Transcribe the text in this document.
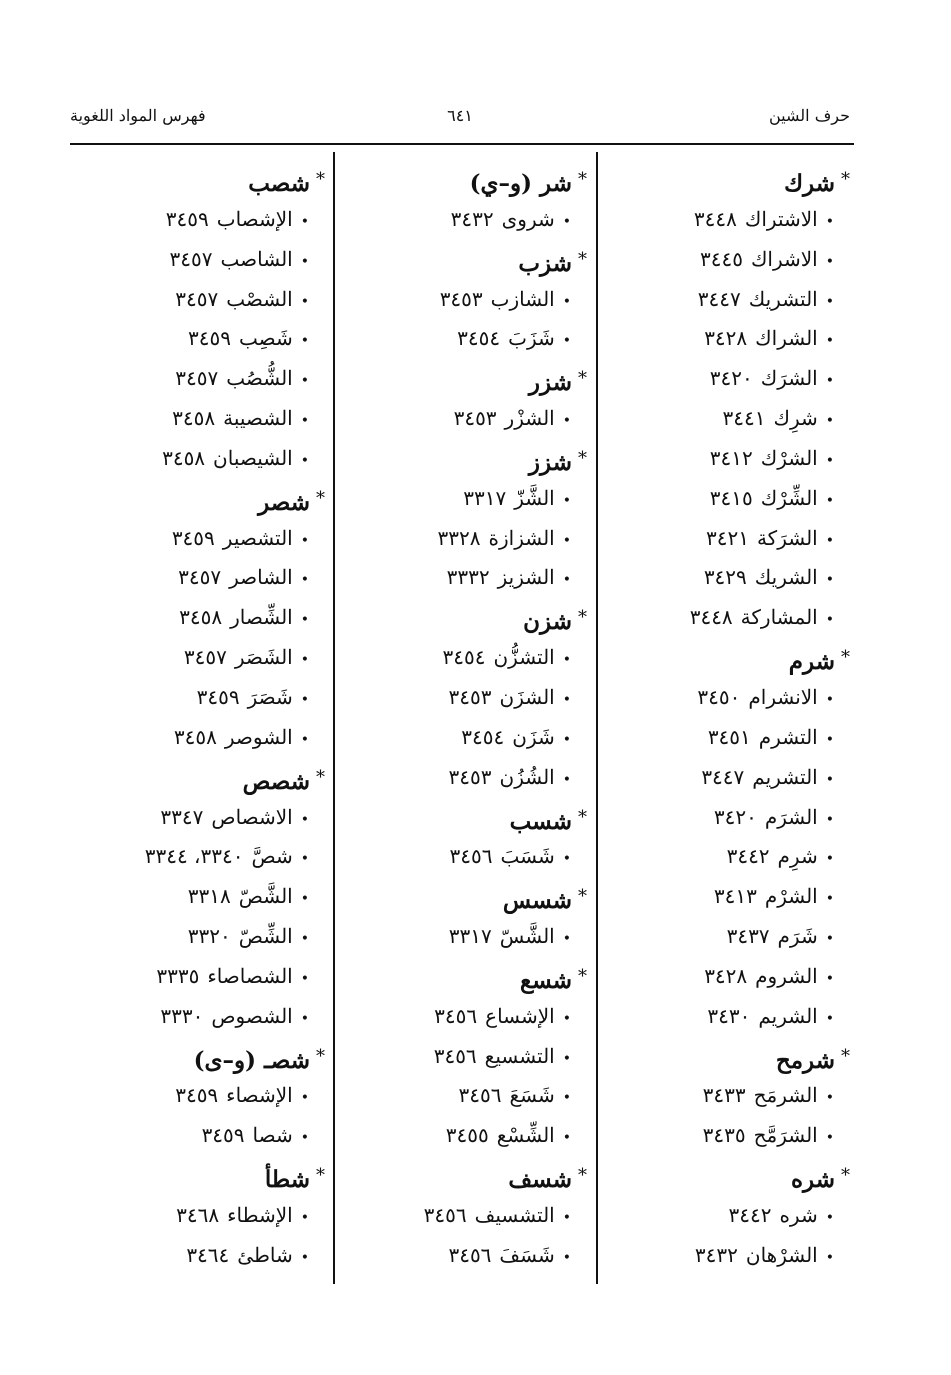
حرف الشين
٦٤١
فهرس المواد اللغوية
*شرك
•الاشتراك٣٤٤٨
•الاشراك٣٤٤٥
•التشريك٣٤٤٧
•الشراك٣٤٢٨
•الشرَك٣٤٢٠
•شرِك٣٤٤١
•الشرْك٣٤١٢
•الشِّرْك٣٤١٥
•الشرَكة٣٤٢١
•الشريك٣٤٢٩
•المشاركة٣٤٤٨
*شرم
•الانشرام٣٤٥٠
•التشرم٣٤٥١
•التشريم٣٤٤٧
•الشرَم٣٤٢٠
•شرِم٣٤٤٢
•الشرْم٣٤١٣
•شَرَم٣٤٣٧
•الشروم٣٤٢٨
•الشريم٣٤٣٠
*شرمح
•الشرمَح٣٤٣٣
•الشرَمَّح٣٤٣٥
*شره
•شره٣٤٤٢
•الشرْهان٣٤٣٢
*شر (و–ي)
•شروى٣٤٣٢
*شزب
•الشازب٣٤٥٣
•شَزَبَ٣٤٥٤
*شزر
•الشزْر٣٤٥٣
*شزز
•الشَّزّ٣٣١٧
•الشزازة٣٣٢٨
•الشزيز٣٣٣٢
*شزن
•التشزُّن٣٤٥٤
•الشزَن٣٤٥٣
•شَزَن٣٤٥٤
•الشُزُن٣٤٥٣
*شسب
•شَسَبَ٣٤٥٦
*شسس
•الشَّسّ٣٣١٧
*شسع
•الإشساع٣٤٥٦
•التشسيع٣٤٥٦
•شَسَعَ٣٤٥٦
•الشِّسْع٣٤٥٥
*شسف
•التشسيف٣٤٥٦
•شَسَفَ٣٤٥٦
*شصب
•الإشصاب٣٤٥٩
•الشاصب٣٤٥٧
•الشصْب٣٤٥٧
•شَصِب٣٤٥٩
•الشُّصُب٣٤٥٧
•الشصيبة٣٤٥٨
•الشيصبان٣٤٥٨
*شصر
•التشصير٣٤٥٩
•الشاصر٣٤٥٧
•الشِّصار٣٤٥٨
•الشَصَر٣٤٥٧
•شَصَرَ٣٤٥٩
•الشوصر٣٤٥٨
*شصص
•الاشصاص٣٣٤٧
•شصَّ٣٣٤٠، ٣٣٤٤
•الشَّصّ٣٣١٨
•الشِّصّ٣٣٢٠
•الشصاصاء٣٣٣٥
•الشصوص٣٣٣٠
*شصـ (و–ى)
•الإشصاء٣٤٥٩
•شصا٣٤٥٩
*شطأ
•الإشطاء٣٤٦٨
•شاطئ٣٤٦٤
